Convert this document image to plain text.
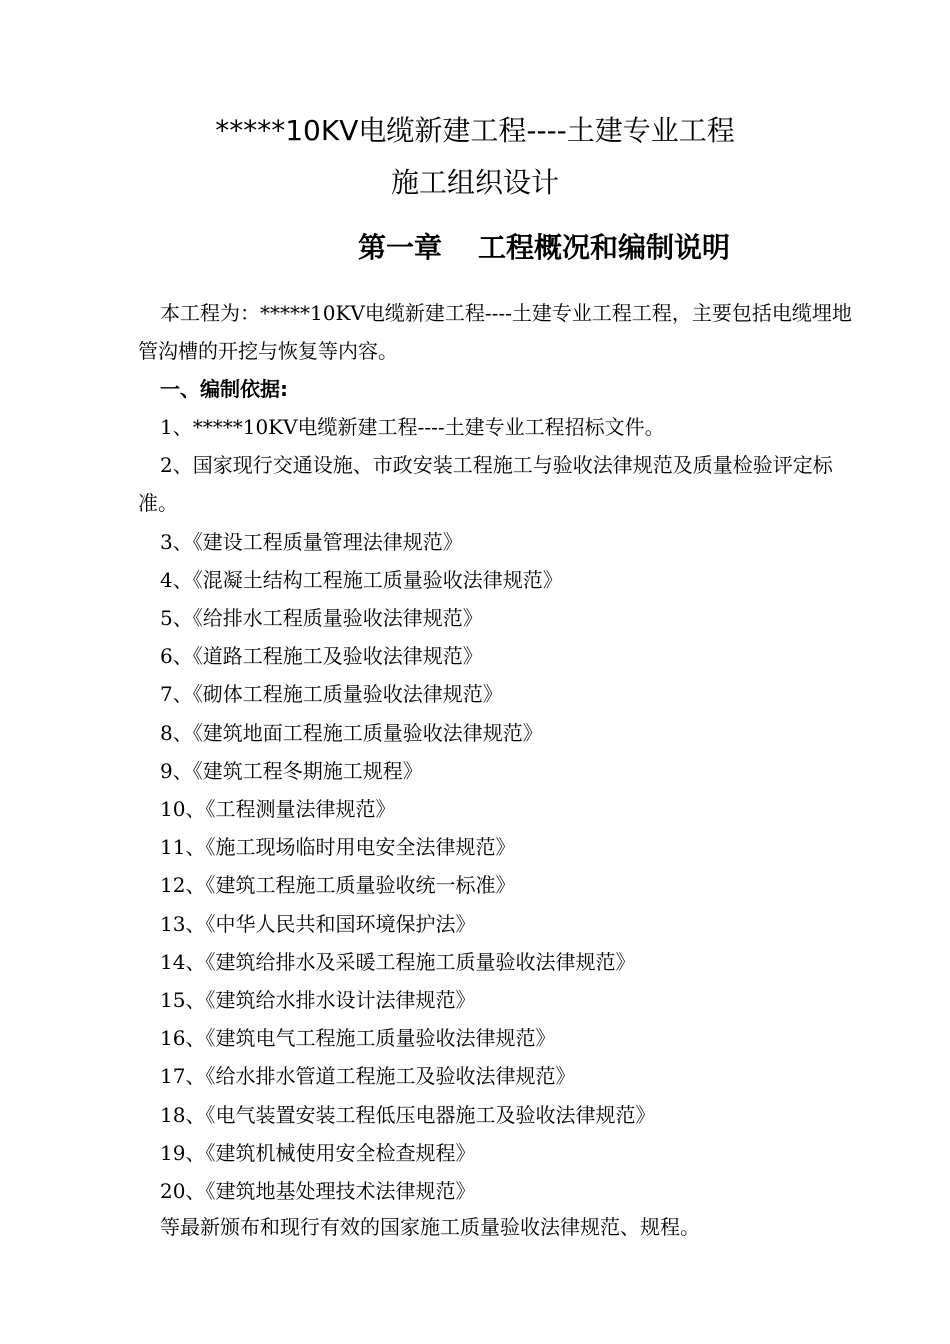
*****10KV电缆新建工程----土建专业工程
施工组织设计
第一章 工程概况和编制说明
本工程为：*****10KV电缆新建工程----土建专业工程工程，主要包括电缆埋地管沟槽的开挖与恢复等内容。
一、编制依据:
1、*****10KV电缆新建工程----土建专业工程招标文件。
2、国家现行交通设施、市政安装工程施工与验收法律规范及质量检验评定标准。
3、《建设工程质量管理法律规范》
4、《混凝土结构工程施工质量验收法律规范》
5、《给排水工程质量验收法律规范》
6、《道路工程施工及验收法律规范》
7、《砌体工程施工质量验收法律规范》
8、《建筑地面工程施工质量验收法律规范》
9、《建筑工程冬期施工规程》
10、《工程测量法律规范》
11、《施工现场临时用电安全法律规范》
12、《建筑工程施工质量验收统一标准》
13、《中华人民共和国环境保护法》
14、《建筑给排水及采暖工程施工质量验收法律规范》
15、《建筑给水排水设计法律规范》
16、《建筑电气工程施工质量验收法律规范》
17、《给水排水管道工程施工及验收法律规范》
18、《电气装置安装工程低压电器施工及验收法律规范》
19、《建筑机械使用安全检查规程》
20、《建筑地基处理技术法律规范》
等最新颁布和现行有效的国家施工质量验收法律规范、规程。
